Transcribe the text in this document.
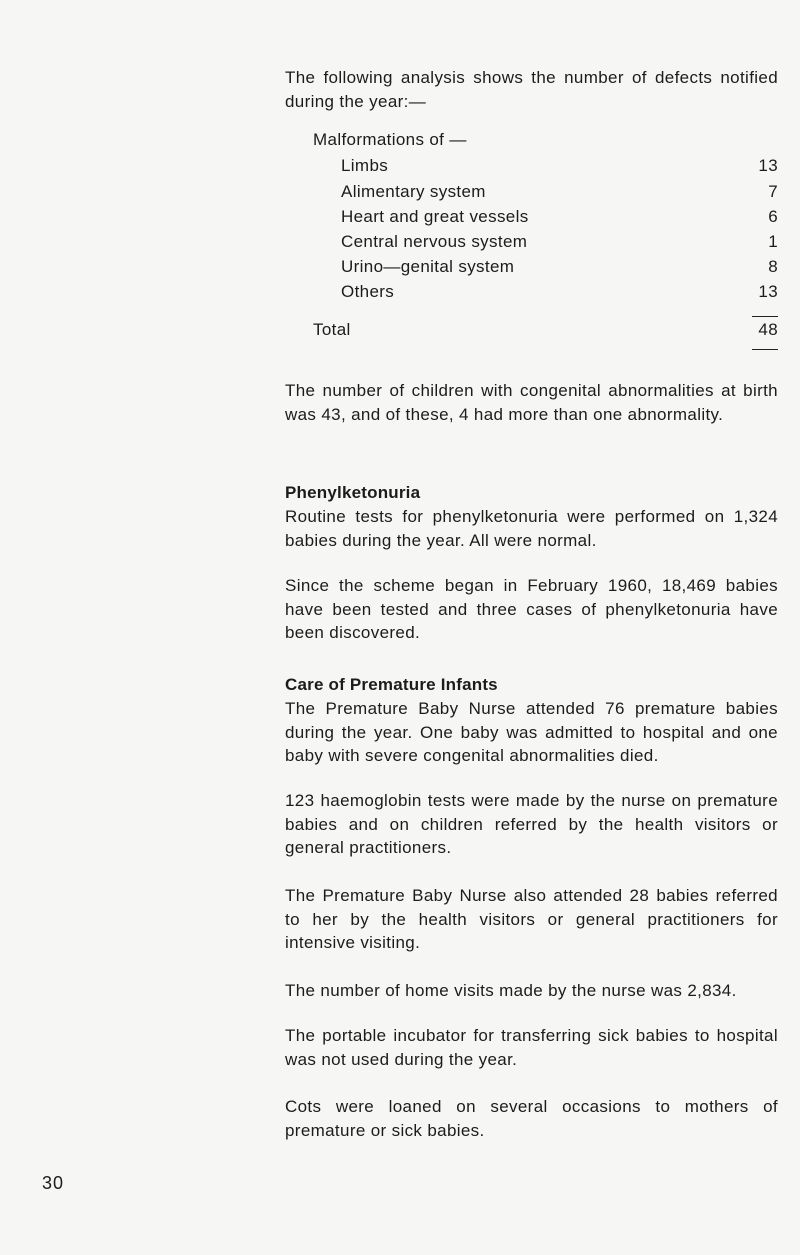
The following analysis shows the number of defects notified during the year:—

Malformations of —
Limbs	13
Alimentary system	7
Heart and great vessels	6
Central nervous system	1
Urino—genital system	8
Others	13
Total	48

The number of children with congenital abnormalities at birth was 43, and of these, 4 had more than one abnormality.

Phenylketonuria

Routine tests for phenylketonuria were performed on 1,324 babies during the year. All were normal.

Since the scheme began in February 1960, 18,469 babies have been tested and three cases of phenylketonuria have been discovered.

Care of Premature Infants

The Premature Baby Nurse attended 76 premature babies during the year. One baby was admitted to hospital and one baby with severe congenital abnormalities died.

123 haemoglobin tests were made by the nurse on premature babies and on children referred by the health visitors or general practitioners.

The Premature Baby Nurse also attended 28 babies referred to her by the health visitors or general practitioners for intensive visiting.

The number of home visits made by the nurse was 2,834.

The portable incubator for transferring sick babies to hospital was not used during the year.

Cots were loaned on several occasions to mothers of premature or sick babies.

30
